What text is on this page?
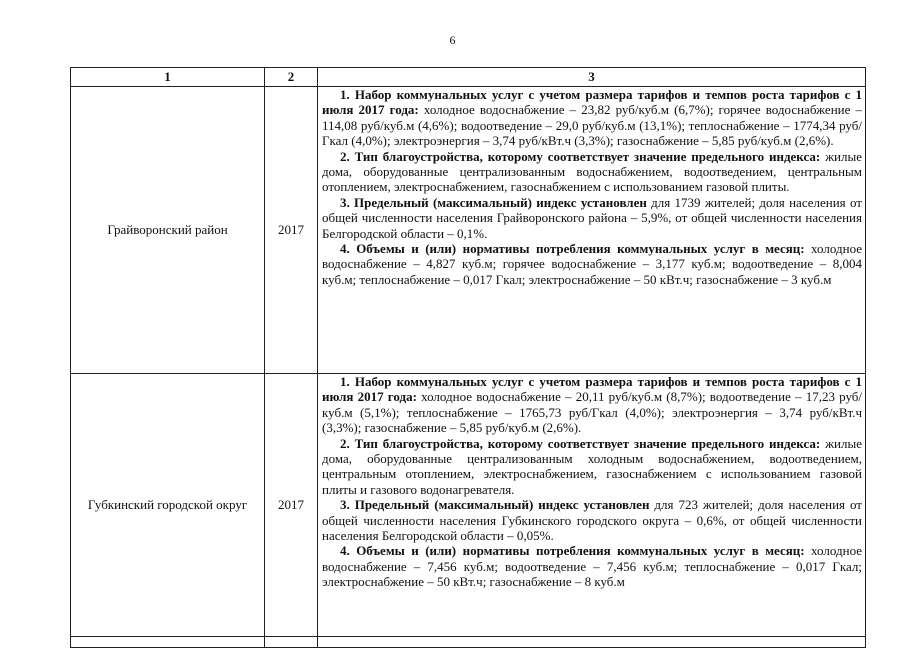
6
1	2	3
Грайворонский район	2017	1. Набор коммунальных услуг с учетом размера тарифов и темпов роста тарифов с 1 июля 2017 года: холодное водоснабжение – 23,82 руб/куб.м (6,7%); горячее водоснабжение – 114,08 руб/куб.м (4,6%); водоотведение – 29,0 руб/куб.м (13,1%); теплоснабжение – 1774,34 руб/Гкал (4,0%); электроэнергия – 3,74 руб/кВт.ч (3,3%); газоснабжение – 5,85 руб/куб.м (2,6%).

2. Тип благоустройства, которому соответствует значение предельного индекса: жилые дома, оборудованные централизованным водоснабжением, водоотведением, центральным отоплением, электроснабжением, газоснабжением с использованием газовой плиты.

3. Предельный (максимальный) индекс установлен для 1739 жителей; доля населения от общей численности населения Грайворонского района – 5,9%, от общей численности населения Белгородской области – 0,1%.

4. Объемы и (или) нормативы потребления коммунальных услуг в месяц: холодное водоснабжение – 4,827 куб.м; горячее водоснабжение – 3,177 куб.м; водоотведение – 8,004 куб.м; теплоснабжение – 0,017 Гкал; электроснабжение – 50 кВт.ч; газоснабжение – 3 куб.м

Губкинский городской округ	2017	1. Набор коммунальных услуг с учетом размера тарифов и темпов роста тарифов с 1 июля 2017 года: холодное водоснабжение – 20,11 руб/куб.м (8,7%); водоотведение – 17,23 руб/куб.м (5,1%); теплоснабжение – 1765,73 руб/Гкал (4,0%); электроэнергия – 3,74 руб/кВт.ч (3,3%); газоснабжение – 5,85 руб/куб.м (2,6%).

2. Тип благоустройства, которому соответствует значение предельного индекса: жилые дома, оборудованные централизованным холодным водоснабжением, водоотведением, центральным отоплением, электроснабжением, газоснабжением с использованием газовой плиты и газового водонагревателя.

3. Предельный (максимальный) индекс установлен для 723 жителей; доля населения от общей численности населения Губкинского городского округа – 0,6%, от общей численности населения Белгородской области – 0,05%.

4. Объемы и (или) нормативы потребления коммунальных услуг в месяц: холодное водоснабжение – 7,456 куб.м; водоотведение – 7,456 куб.м; теплоснабжение – 0,017 Гкал; электроснабжение – 50 кВт.ч; газоснабжение – 8 куб.м
